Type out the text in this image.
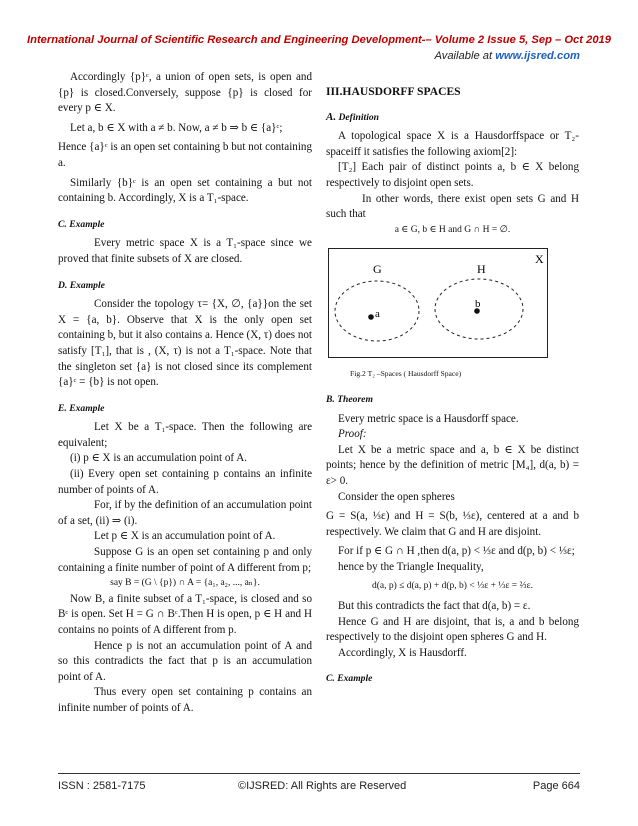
International Journal of Scientific Research and Engineering Development-– Volume 2 Issue 5, Sep – Oct 2019
Available at www.ijsred.com

Accordingly {p}ᶜ, a union of open sets, is open and {p} is closed.Conversely, suppose {p} is closed for every p ∈ X.

Let a, b ∈ X with a ≠ b. Now, a ≠ b ⇒ b ∈ {a}ᶜ;

Hence {a}ᶜ is an open set containing b but not containing a.

Similarly {b}ᶜ is an open set containing a but not containing b. Accordingly, X is a T₁-space.

C. Example

Every metric space X is a T₁-space since we proved that finite subsets of X are closed.

D. Example

Consider the topology τ= {X, ∅, {a}}on the set X = {a, b}. Observe that X is the only open set containing b, but it also contains a. Hence (X, τ) does not satisfy [T₁], that is , (X, τ) is not a T₁-space. Note that the singleton set {a} is not closed since its complement {a}ᶜ = {b} is not open.

E. Example

Let X be a T₁-space. Then the following are equivalent;

(i) p ∈ X is an accumulation point of A.

(ii) Every open set containing p contains an infinite number of points of A.

For, if by the definition of an accumulation point of a set, (ii) ⇒ (i).

Let p ∈ X is an accumulation point of A.

Suppose G is an open set containing p and only containing a finite number of point of A different from p;

say B = (G \ {p}) ∩ A = {a₁, a₂, ..., aₙ}.

Now B, a finite subset of a T₁-space, is closed and so Bᶜ is open. Set H = G ∩ Bᶜ.Then H is open, p ∈ H and H contains no points of A different from p.

Hence p is not an accumulation point of A and so this contradicts the fact that p is an accumulation point of A.

Thus every open set containing p contains an infinite number of points of A.

III.HAUSDORFF SPACES

A. Definition

A topological space X is a Hausdorffspace or T₂-spaceiff it satisfies the following axiom[2]:

[T₂] Each pair of distinct points a, b ∈ X belong respectively to disjoint open sets.

In other words, there exist open sets G and H such that

a ∈ G, b ∈ H and G ∩ H = ∅.

X
G	H
a
b

Fig.2 T₂ –Spaces ( Hausdorff Space)

B. Theorem

Every metric space is a Hausdorff space.

Proof:

Let X be a metric space and a, b ∈ X be distinct points; hence by the definition of metric [M₄], d(a, b) = ε> 0.

Consider the open spheres

G = S(a, ⅓ε) and H = S(b, ⅓ε), centered at a and b respectively. We claim that G and H are disjoint.

For if p ∈ G ∩ H ,then d(a, p) < ⅓ε and d(p, b) < ⅓ε;

hence by the Triangle Inequality,

d(a, p) ≤ d(a, p) + d(p, b) < ⅓ε + ⅓ε = ⅔ε.

But this contradicts the fact that d(a, b) = ε.

Hence G and H are disjoint, that is, a and b belong respectively to the disjoint open spheres G and H.

Accordingly, X is Hausdorff.

C. Example

ISSN : 2581-7175	©IJSRED: All Rights are Reserved	Page 664
